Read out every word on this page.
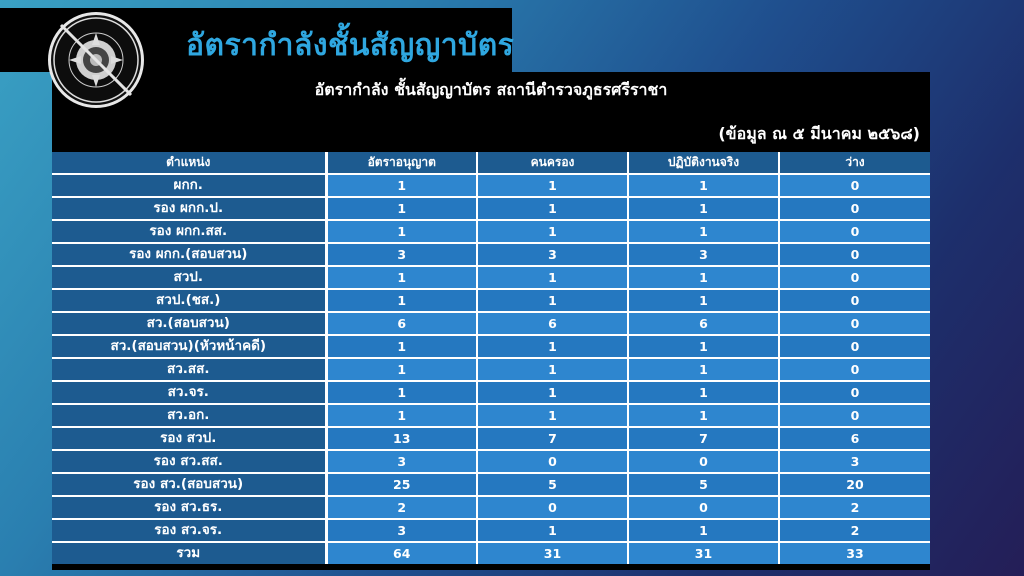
อัตรากำลังชั้นสัญญาบัตร
อัตรากำลัง ชั้นสัญญาบัตร สถานีตำรวจภูธรศรีราชา
(ข้อมูล ณ ๕ มีนาคม ๒๕๖๘)
ตำแหน่ง	อัตราอนุญาต	คนครอง	ปฏิบัติงานจริง	ว่าง
ผกก.	1	1	1	0
รอง ผกก.ป.	1	1	1	0
รอง ผกก.สส.	1	1	1	0
รอง ผกก.(สอบสวน)	3	3	3	0
สวป.	1	1	1	0
สวป.(ชส.)	1	1	1	0
สว.(สอบสวน)	6	6	6	0
สว.(สอบสวน)(หัวหน้าคดี)	1	1	1	0
สว.สส.	1	1	1	0
สว.จร.	1	1	1	0
สว.อก.	1	1	1	0
รอง สวป.	13	7	7	6
รอง สว.สส.	3	0	0	3
รอง สว.(สอบสวน)	25	5	5	20
รอง สว.ธร.	2	0	0	2
รอง สว.จร.	3	1	1	2
รวม	64	31	31	33
